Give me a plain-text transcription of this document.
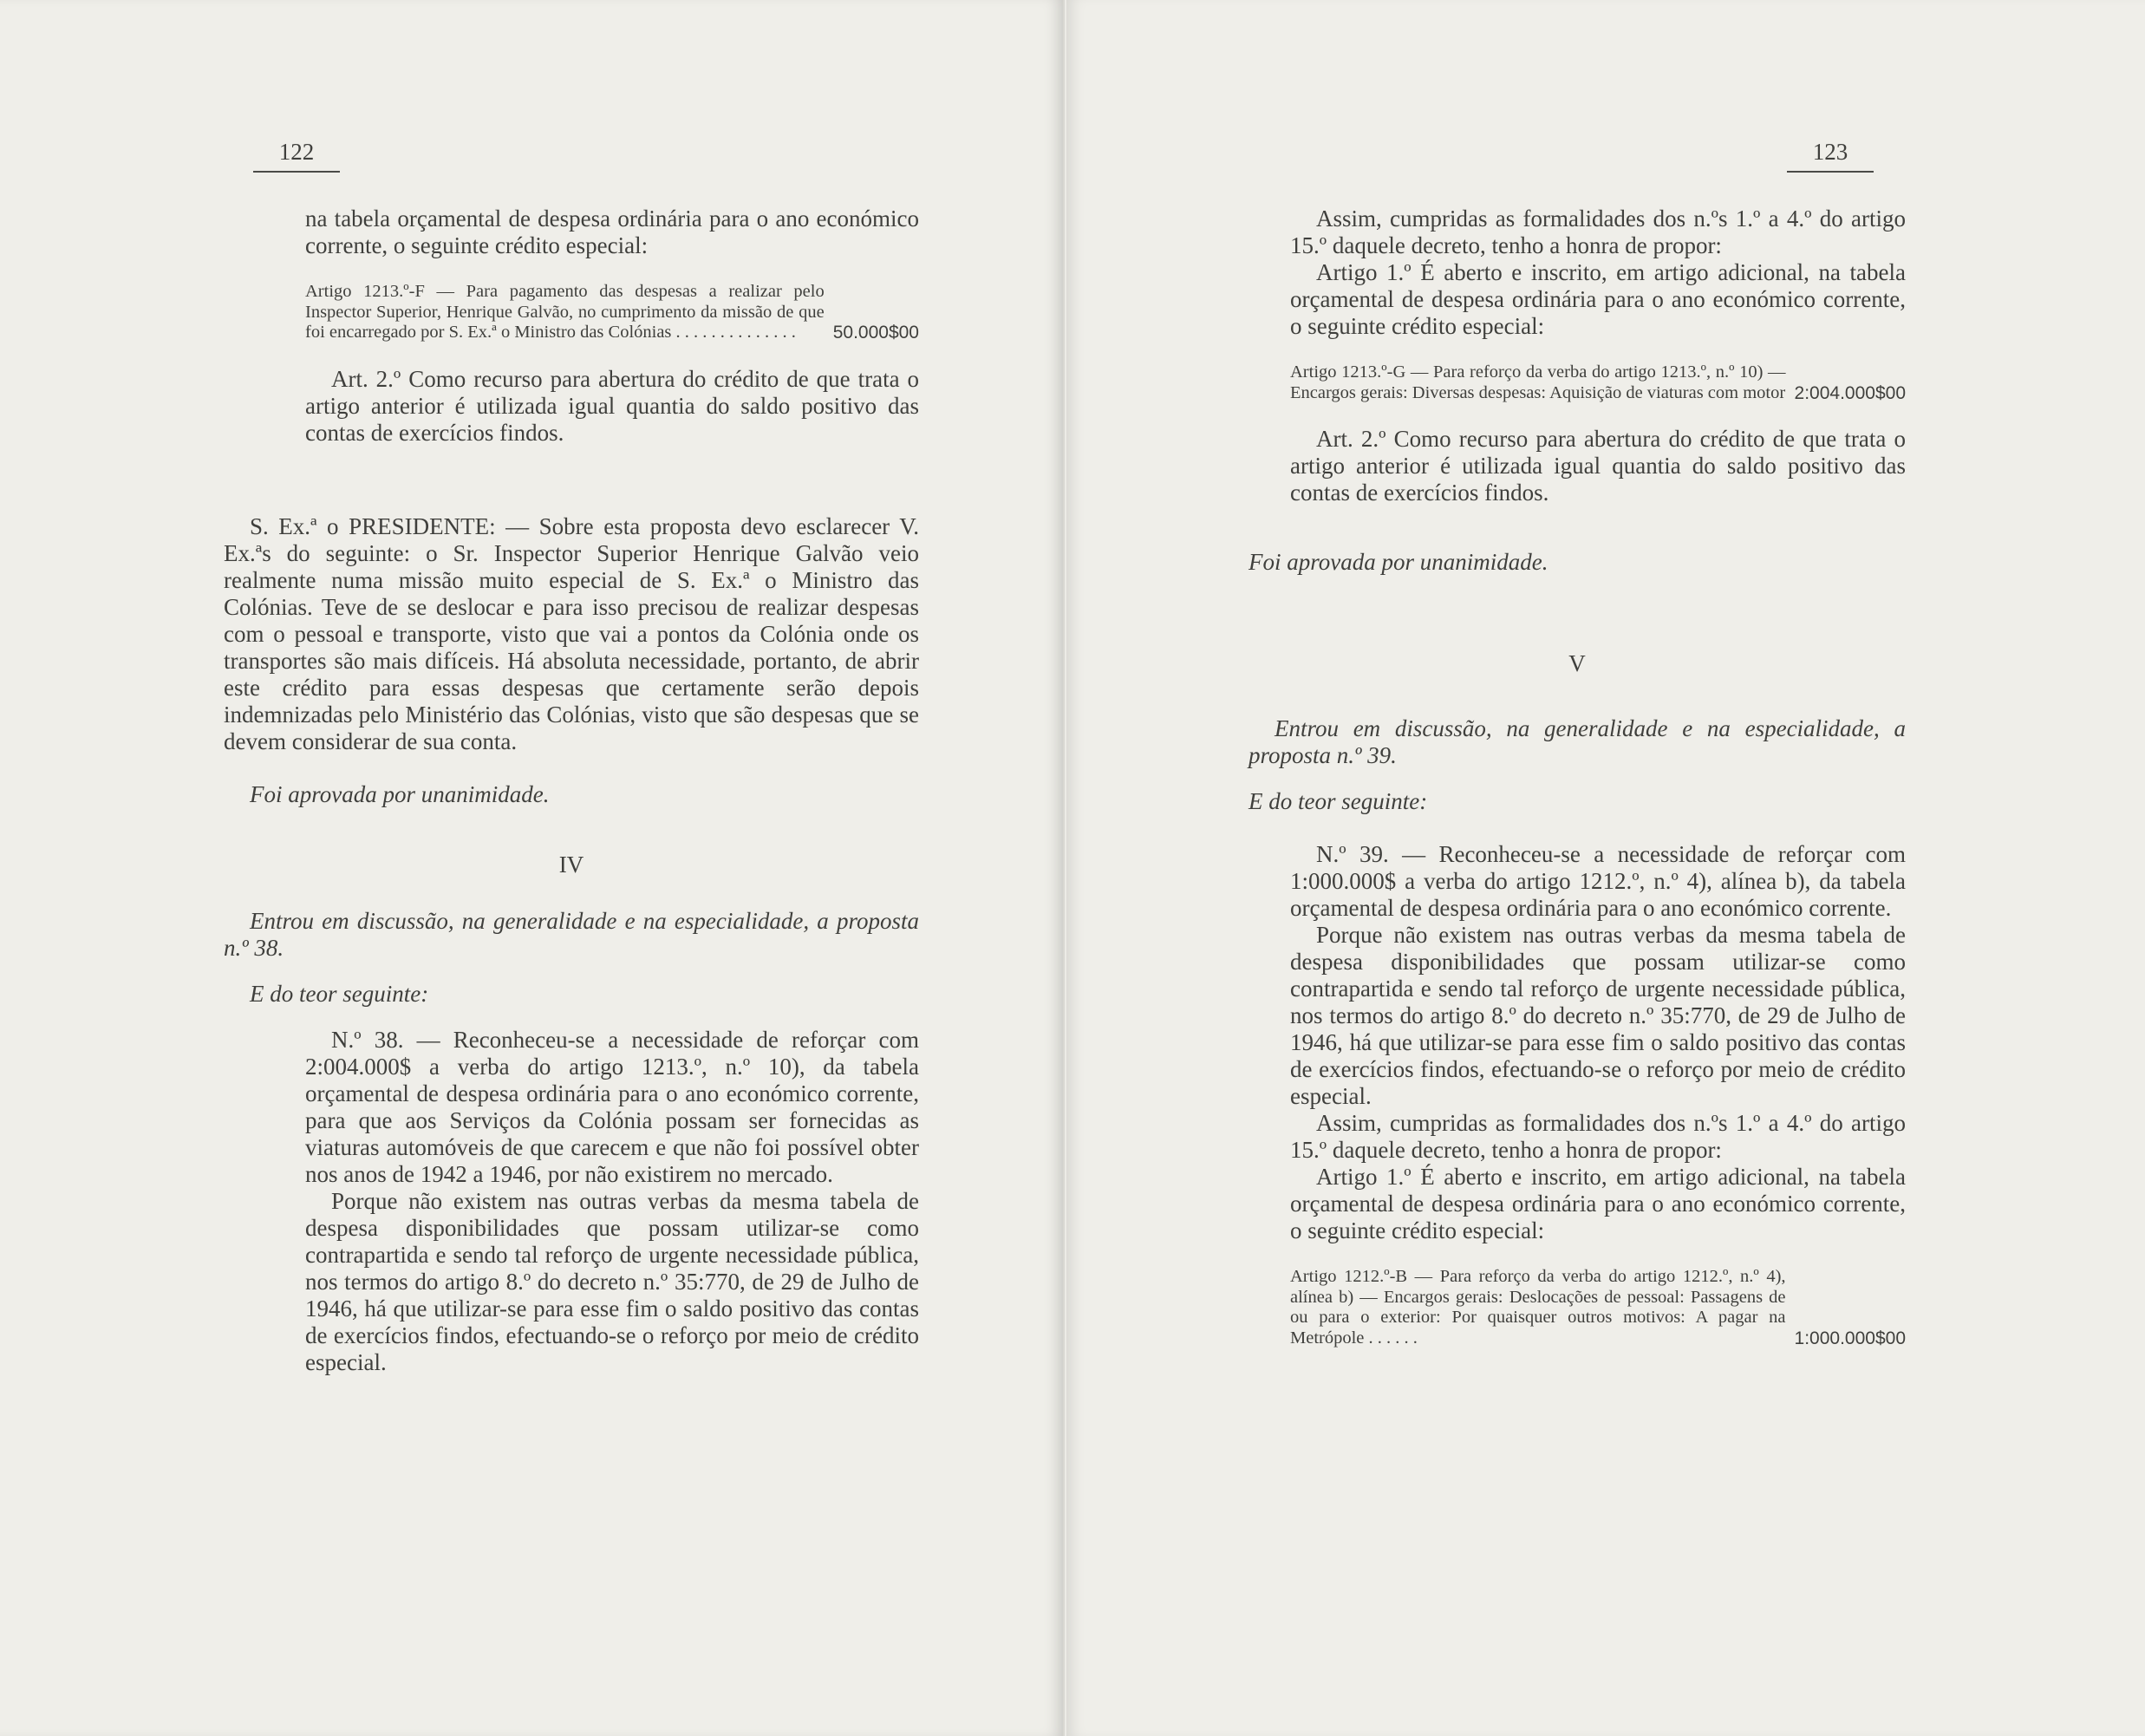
122

na tabela orçamental de despesa ordinária para o ano económico corrente, o seguinte crédito especial:

Artigo 1213.º-F — Para pagamento das despesas a realizar pelo Inspector Superior, Henrique Galvão, no cumprimento da missão de que foi encarregado por S. Ex.ª o Ministro das Colónias . . . . . . . . . . . . . .	50.000$00

Art. 2.º Como recurso para abertura do crédito de que trata o artigo anterior é utilizada igual quantia do saldo positivo das contas de exercícios findos.

S. Ex.ª o PRESIDENTE: — Sobre esta proposta devo esclarecer V. Ex.ªs do seguinte: o Sr. Inspector Superior Henrique Galvão veio realmente numa missão muito especial de S. Ex.ª o Ministro das Colónias. Teve de se deslocar e para isso precisou de realizar despesas com o pessoal e transporte, visto que vai a pontos da Colónia onde os transportes são mais difíceis. Há absoluta necessidade, portanto, de abrir este crédito para essas despesas que certamente serão depois indemnizadas pelo Ministério das Colónias, visto que são despesas que se devem considerar de sua conta.

Foi aprovada por unanimidade.

IV

Entrou em discussão, na generalidade e na especialidade, a proposta n.º 38.

E do teor seguinte:

N.º 38. — Reconheceu-se a necessidade de reforçar com 2:004.000$ a verba do artigo 1213.º, n.º 10), da tabela orçamental de despesa ordinária para o ano económico corrente, para que aos Serviços da Colónia possam ser fornecidas as viaturas automóveis de que carecem e que não foi possível obter nos anos de 1942 a 1946, por não existirem no mercado.

Porque não existem nas outras verbas da mesma tabela de despesa disponibilidades que possam utilizar-se como contrapartida e sendo tal reforço de urgente necessidade pública, nos termos do artigo 8.º do decreto n.º 35:770, de 29 de Julho de 1946, há que utilizar-se para esse fim o saldo positivo das contas de exercícios findos, efectuando-se o reforço por meio de crédito especial.

123

Assim, cumpridas as formalidades dos n.ºs 1.º a 4.º do artigo 15.º daquele decreto, tenho a honra de propor:

Artigo 1.º É aberto e inscrito, em artigo adicional, na tabela orçamental de despesa ordinária para o ano económico corrente, o seguinte crédito especial:

Artigo 1213.º-G — Para reforço da verba do artigo 1213.º, n.º 10) — Encargos gerais: Diversas despesas: Aquisição de viaturas com motor 2:004.000$00

Art. 2.º Como recurso para abertura do crédito de que trata o artigo anterior é utilizada igual quantia do saldo positivo das contas de exercícios findos.

Foi aprovada por unanimidade.

V

Entrou em discussão, na generalidade e na especialidade, a proposta n.º 39.

E do teor seguinte:

N.º 39. — Reconheceu-se a necessidade de reforçar com 1:000.000$ a verba do artigo 1212.º, n.º 4), alínea b), da tabela orçamental de despesa ordinária para o ano económico corrente.

Porque não existem nas outras verbas da mesma tabela de despesa disponibilidades que possam utilizar-se como contrapartida e sendo tal reforço de urgente necessidade pública, nos termos do artigo 8.º do decreto n.º 35:770, de 29 de Julho de 1946, há que utilizar-se para esse fim o saldo positivo das contas de exercícios findos, efectuando-se o reforço por meio de crédito especial.

Assim, cumpridas as formalidades dos n.ºs 1.º a 4.º do artigo 15.º daquele decreto, tenho a honra de propor:

Artigo 1.º É aberto e inscrito, em artigo adicional, na tabela orçamental de despesa ordinária para o ano económico corrente, o seguinte crédito especial:

Artigo 1212.º-B — Para reforço da verba do artigo 1212.º, n.º 4), alínea b) — Encargos gerais: Deslocações de pessoal: Passagens de ou para o exterior: Por quaisquer outros motivos: A pagar na Metrópole . . . . . .	1:000.000$00
